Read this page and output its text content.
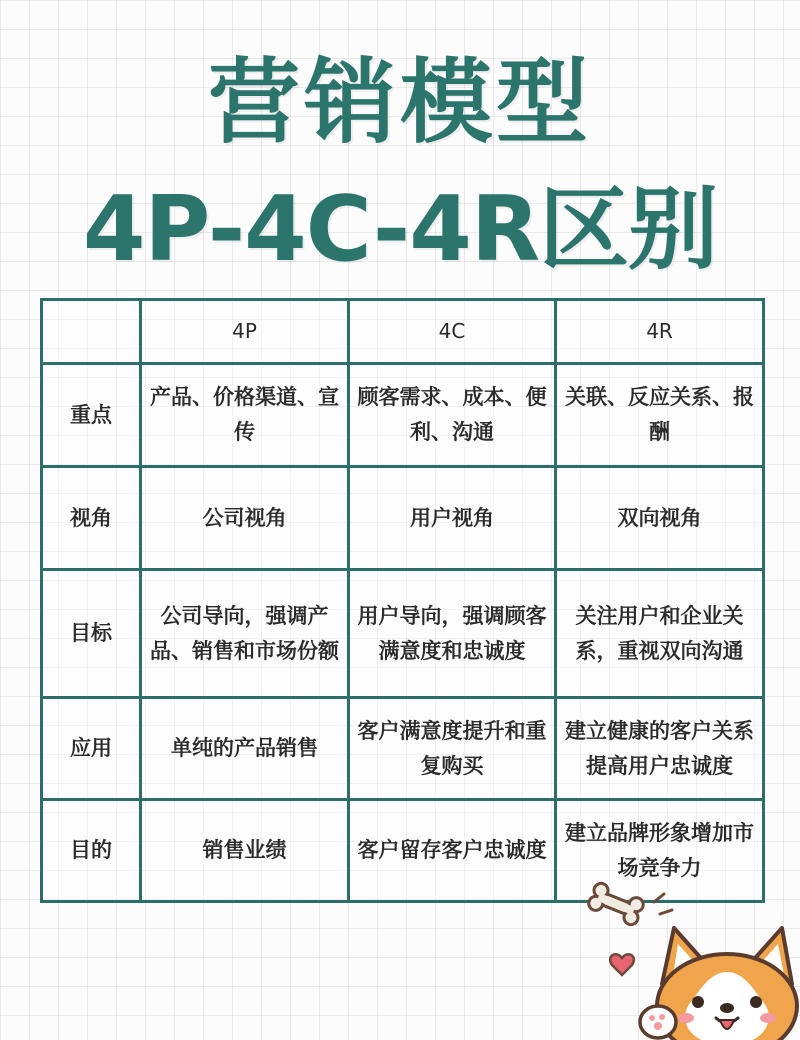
营销模型
4P-4C-4R区别
	4P	4C	4R
重点	产品、价格渠道、宣传	顾客需求、成本、便利、沟通	关联、反应关系、报酬
视角	公司视角	用户视角	双向视角
目标	公司导向，强调产品、销售和市场份额	用户导向，强调顾客满意度和忠诚度	关注用户和企业关系，重视双向沟通
应用	单纯的产品销售	客户满意度提升和重复购买	建立健康的客户关系提高用户忠诚度
目的	销售业绩	客户留存客户忠诚度	建立品牌形象增加市场竞争力
